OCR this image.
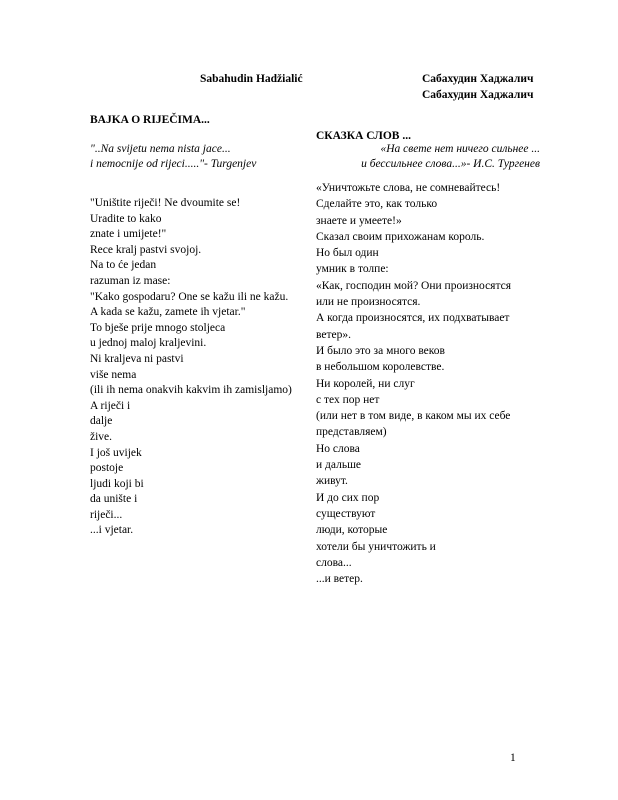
Sabahudin Hadžialić	Сабахудин Хаджалич
Сабахудин Хаджалич
BAJKA O RIJEČIMA...
СКАЗКА СЛОВ ...
"..Na svijetu nema nista jace...
i nemocnije od rijeci....."- Turgenjev
«На свете нет ничего сильнее ...
и бессильнее слова...»- И.С. Тургенев
"Uništite riječi! Ne dvoumite se!
Uradite to kako
znate i umijete!"
Rece kralj pastvi svojoj.
Na to će jedan
razuman iz mase:
"Kako gospodaru? One se kažu ili ne kažu.
A kada se kažu, zamete ih vjetar."
To bješe prije mnogo stoljeca
u jednoj maloj kraljevini.
Ni kraljeva ni pastvi
više nema
(ili ih nema onakvih kakvim ih zamisljamo)
A riječi i
dalje
žive.
I još uvijek
postoje
ljudi koji bi
da unište i
riječi...
...i vjetar.
«Уничтожьте слова, не сомневайтесь!
Сделайте это, как только
знаете и умеете!»
Сказал своим прихожанам король.
Но был один
умник в толпе:
«Как, господин мой? Они произносятся
или не произносятся.
А когда произносятся, их подхватывает
ветер».
И было это за много веков
в небольшом королевстве.
Ни королей, ни слуг
с тех пор нет
(или нет в том виде, в каком мы их себе
представляем)
Но слова
и дальше
живут.
И до сих пор
существуют
люди, которые
хотели бы уничтожить и
слова...
...и ветер.
1
